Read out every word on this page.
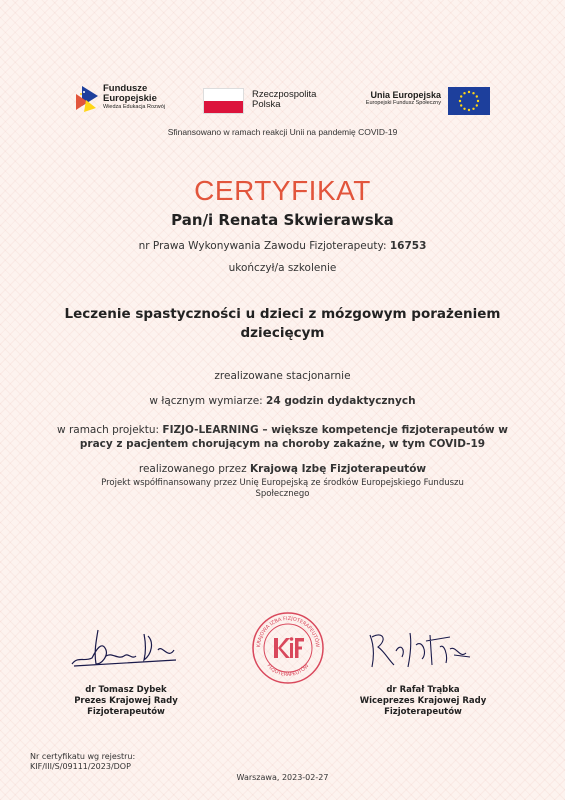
Fundusze
Europejskie
Wiedza Edukacja Rozwój
Rzeczpospolita
Polska
Unia Europejska
Europejski Fundusz Społeczny
Sfinansowano w ramach reakcji Unii na pandemię COVID-19
CERTYFIKAT
Pan/i Renata Skwierawska
nr Prawa Wykonywania Zawodu Fizjoterapeuty: 16753
ukończył/a szkolenie
Leczenie spastyczności u dzieci z mózgowym porażeniem
dziecięcym
zrealizowane stacjonarnie
w łącznym wymiarze: 24 godzin dydaktycznych
w ramach projektu: FIZJO-LEARNING – większe kompetencje fizjoterapeutów w
pracy z pacjentem chorującym na choroby zakaźne, w tym COVID-19
realizowanego przez Krajową Izbę Fizjoterapeutów
Projekt współfinansowany przez Unię Europejską ze środków Europejskiego Funduszu
Społecznego
KRAJOWA IZBA FIZJOTERAPEUTÓW
FIZJOTERAPEUTÓW
dr Tomasz Dybek
Prezes Krajowej Rady
Fizjoterapeutów
dr Rafał Trąbka
Wiceprezes Krajowej Rady
Fizjoterapeutów
Nr certyfikatu wg rejestru:
KIF/III/S/09111/2023/DOP
Warszawa, 2023-02-27
